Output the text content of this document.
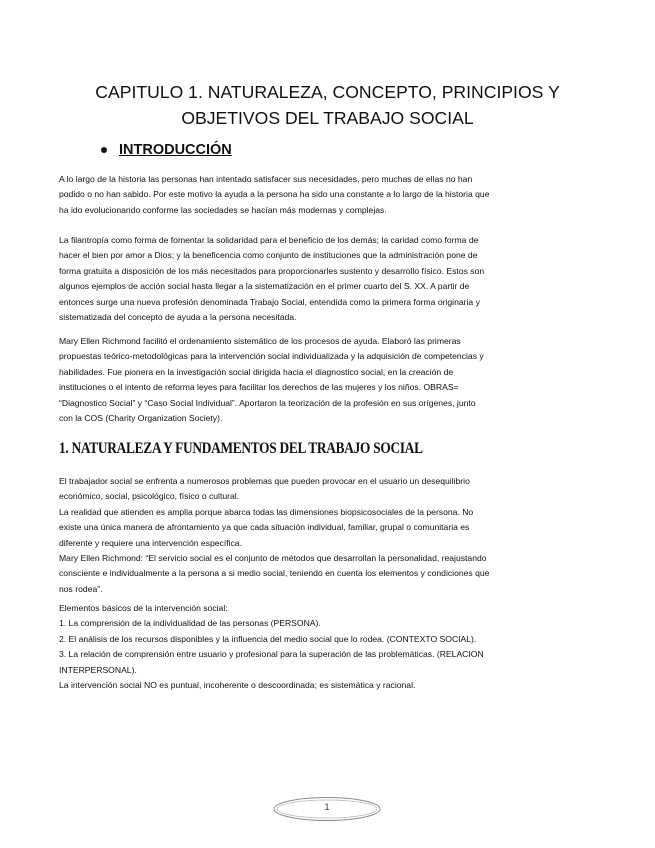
CAPITULO 1. NATURALEZA, CONCEPTO, PRINCIPIOS Y
OBJETIVOS DEL TRABAJO SOCIAL
INTRODUCCIÓN

A lo largo de la historia las personas han intentado satisfacer sus necesidades, pero muchas de ellas no han
podido o no han sabido. Por este motivo la ayuda a la persona ha sido una constante a lo largo de la historia que
ha ido evolucionando conforme las sociedades se hacían más modernas y complejas.

La filantropía como forma de fomentar la solidaridad para el beneficio de los demás; la caridad como forma de
hacer el bien por amor a Dios; y la beneficencia como conjunto de instituciones que la administración pone de
forma gratuita a disposición de los más necesitados para proporcionarles sustento y desarrollo físico. Estos son
algunos ejemplos de acción social hasta llegar a la sistematización en el primer cuarto del S. XX. A partir de
entonces surge una nueva profesión denominada Trabajo Social, entendida como la primera forma originaria y
sistematizada del concepto de ayuda a la persona necesitada.

Mary Ellen Richmond facilitó el ordenamiento sistemático de los procesos de ayuda. Elaboró las primeras
propuestas teórico-metodológicas para la intervención social individualizada y la adquisición de competencias y
habilidades. Fue pionera en la investigación social dirigida hacia el diagnostico social, en la creación de
instituciones o el intento de reforma leyes para facilitar los derechos de las mujeres y los niños. OBRAS=
“Diagnostico Social” y “Caso Social Individual”. Aportaron la teorización de la profesión en sus orígenes, junto
con la COS (Charity Organization Society).

1. NATURALEZA Y FUNDAMENTOS DEL TRABAJO SOCIAL

El trabajador social se enfrenta a numerosos problemas que pueden provocar en el usuario un desequilibrio
económico, social, psicológico, físico o cultural.
La realidad que atienden es amplia porque abarca todas las dimensiones biopsicosociales de la persona. No
existe una única manera de afrontamiento ya que cada situación individual, familiar, grupal o comunitaria es
diferente y requiere una intervención específica.
Mary Ellen Richmond: “El servicio social es el conjunto de métodos que desarrollan la personalidad, reajustando
consciente e individualmente a la persona a si medio social, teniendo en cuenta los elementos y condiciones que
nos rodea”.

Elementos básicos de la intervención social:
1. La comprensión de la individualidad de las personas (PERSONA).
2. El análisis de los recursos disponibles y la influencia del medio social que lo rodea. (CONTEXTO SOCIAL).
3. La relación de comprensión entre usuario y profesional para la superación de las problemáticas. (RELACION
INTERPERSONAL).
La intervención social NO es puntual, incoherente o descoordinada; es sistemática y racional.

1
